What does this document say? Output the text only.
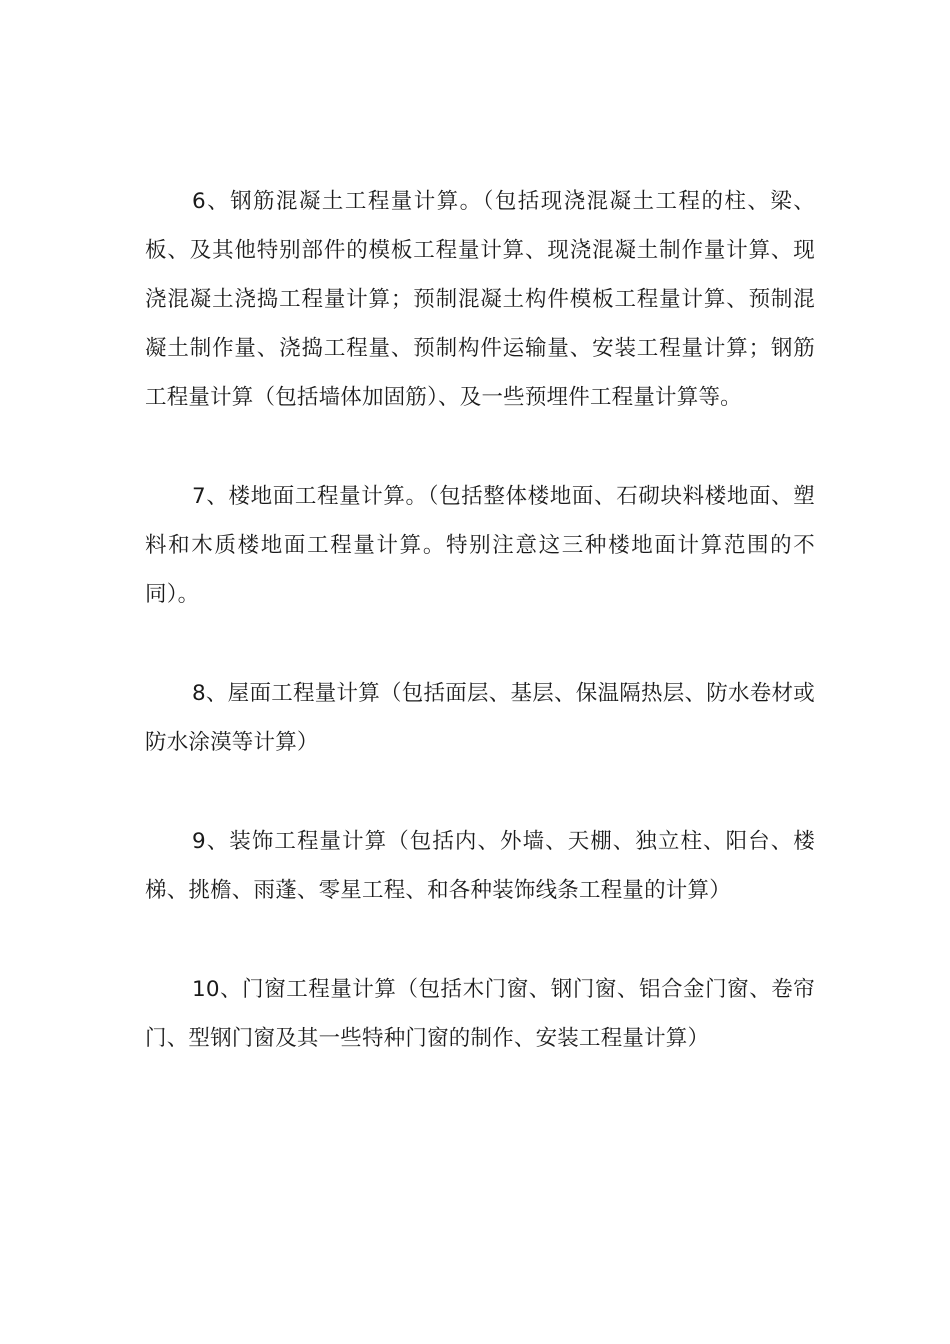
6、钢筋混凝土工程量计算。（包括现浇混凝土工程的柱、梁、板、及其他特别部件的模板工程量计算、现浇混凝土制作量计算、现浇混凝土浇捣工程量计算；预制混凝土构件模板工程量计算、预制混凝土制作量、浇捣工程量、预制构件运输量、安装工程量计算；钢筋工程量计算（包括墙体加固筋）、及一些预埋件工程量计算等。

7、楼地面工程量计算。（包括整体楼地面、石砌块料楼地面、塑料和木质楼地面工程量计算。特别注意这三种楼地面计算范围的不同）。

8、屋面工程量计算（包括面层、基层、保温隔热层、防水卷材或防水涂漠等计算）

9、装饰工程量计算（包括内、外墙、天棚、独立柱、阳台、楼梯、挑檐、雨蓬、零星工程、和各种装饰线条工程量的计算）

10、门窗工程量计算（包括木门窗、钢门窗、铝合金门窗、卷帘门、型钢门窗及其一些特种门窗的制作、安装工程量计算）
